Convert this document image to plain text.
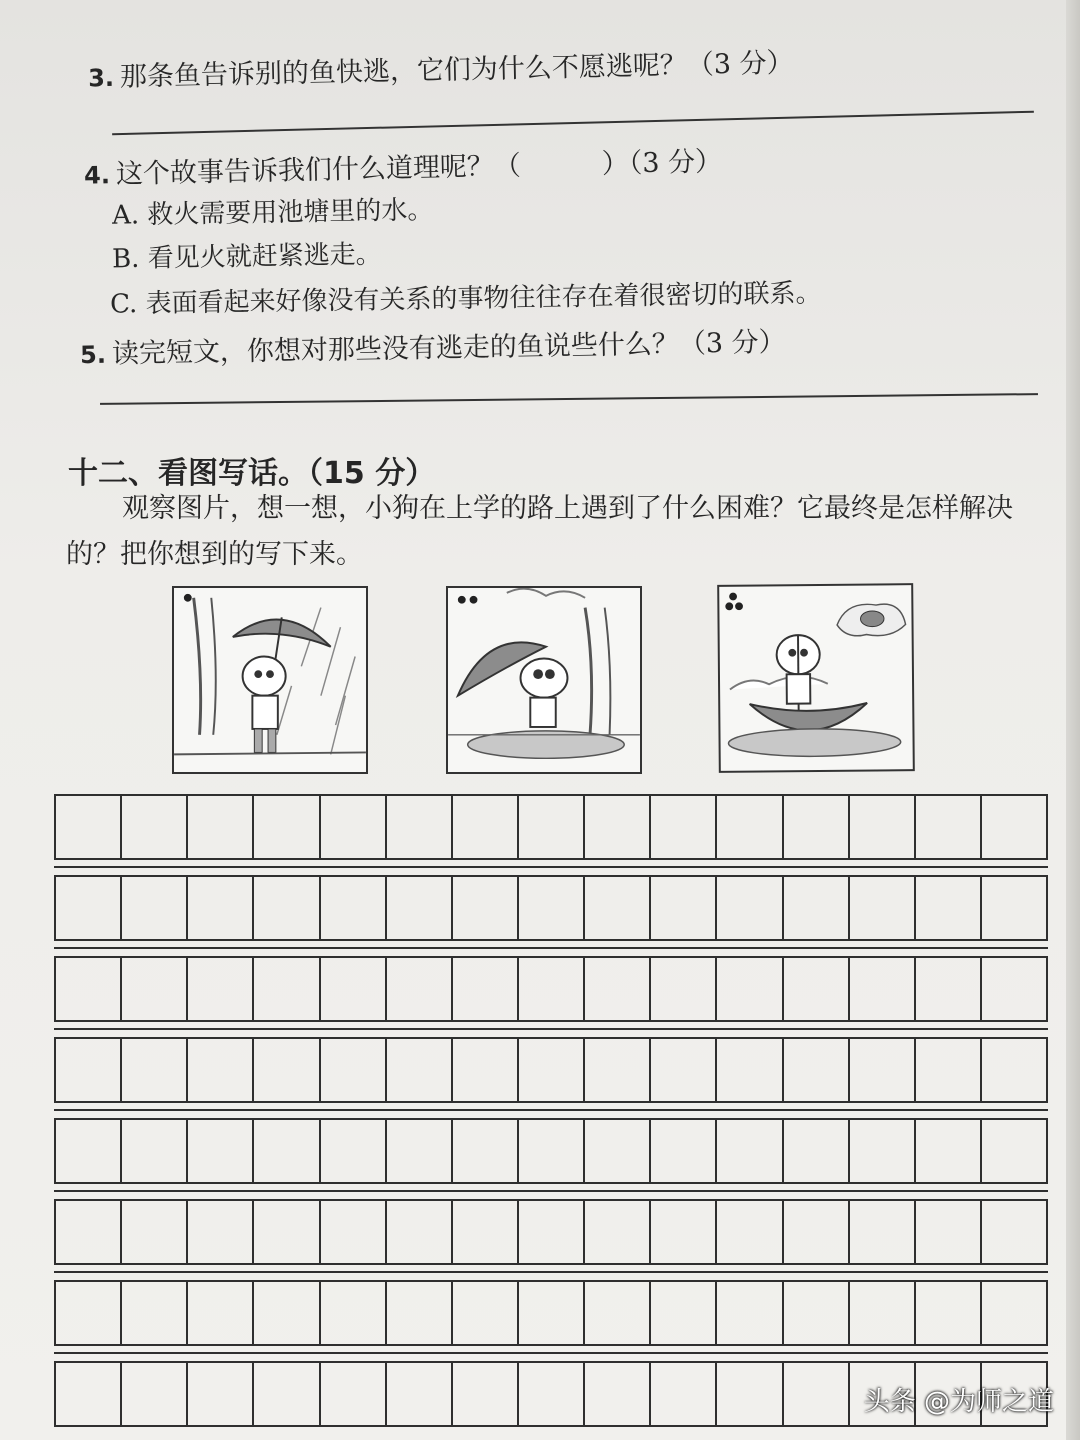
3. 那条鱼告诉别的鱼快逃，它们为什么不愿逃呢？（3 分）
4. 这个故事告诉我们什么道理呢？（　　　）（3 分）
A. 救火需要用池塘里的水。
B. 看见火就赶紧逃走。
C. 表面看起来好像没有关系的事物往往存在着很密切的联系。
5. 读完短文，你想对那些没有逃走的鱼说些什么？（3 分）
十二、看图写话。（15 分）
观察图片，想一想，小狗在上学的路上遇到了什么困难？它最终是怎样解决
的？把你想到的写下来。
头条 @为师之道
